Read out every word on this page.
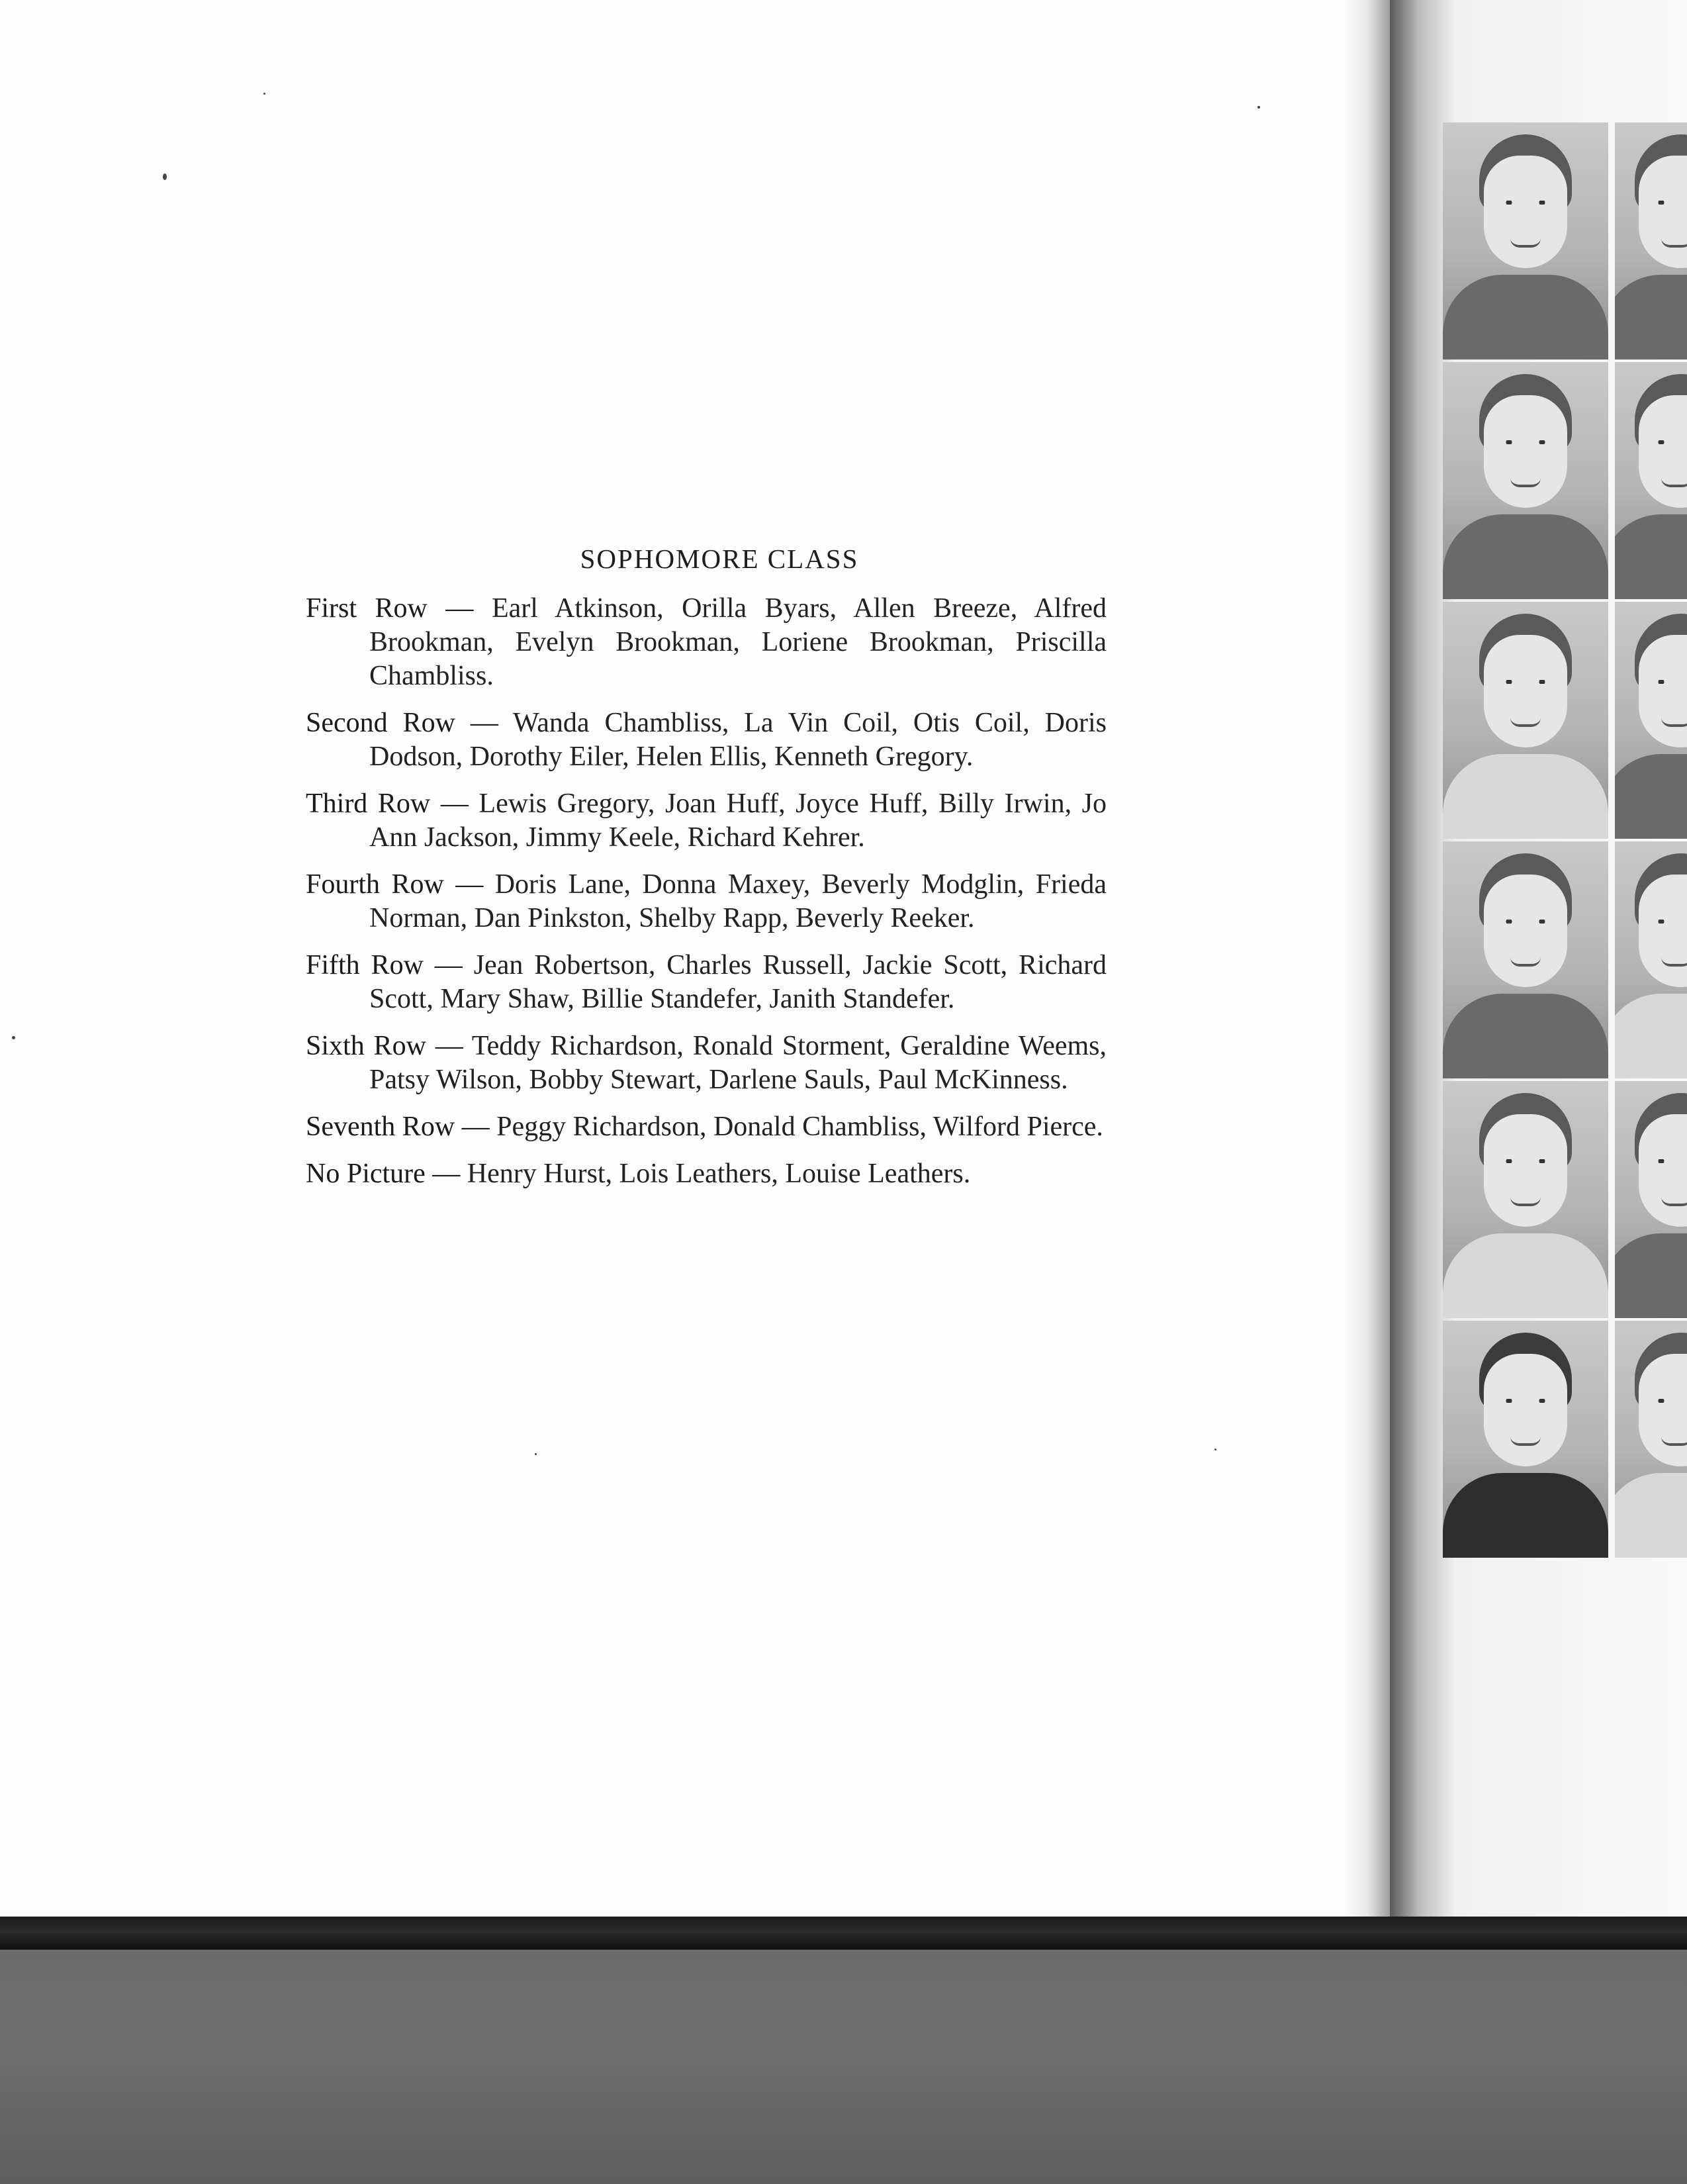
SOPHOMORE CLASS
First Row — Earl Atkinson, Orilla Byars, Allen Breeze, Alfred Brookman, Evelyn Brookman, Loriene Brookman, Priscilla Chambliss.
Second Row — Wanda Chambliss, La Vin Coil, Otis Coil, Doris Dodson, Dorothy Eiler, Helen Ellis, Kenneth Gregory.
Third Row — Lewis Gregory, Joan Huff, Joyce Huff, Billy Irwin, Jo Ann Jackson, Jimmy Keele, Richard Kehrer.
Fourth Row — Doris Lane, Donna Maxey, Beverly Modglin, Frieda Norman, Dan Pinkston, Shelby Rapp, Beverly Reeker.
Fifth Row — Jean Robertson, Charles Russell, Jackie Scott, Richard Scott, Mary Shaw, Billie Standefer, Janith Standefer.
Sixth Row — Teddy Richardson, Ronald Storment, Geraldine Weems, Patsy Wilson, Bobby Stewart, Darlene Sauls, Paul McKinness.
Seventh Row — Peggy Richardson, Donald Chambliss, Wilford Pierce.
No Picture — Henry Hurst, Lois Leathers, Louise Leathers.
